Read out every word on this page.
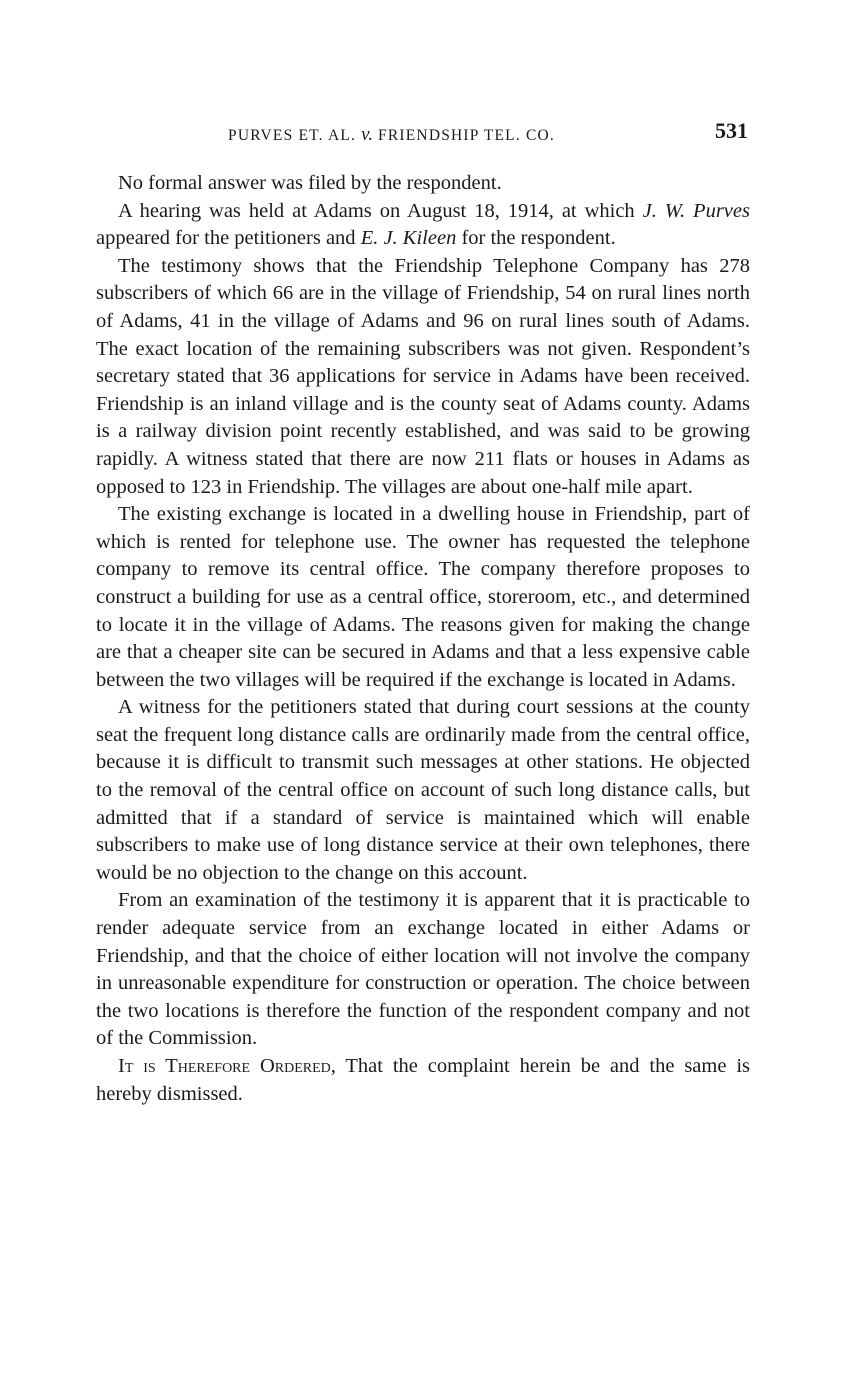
PURVES ET. AL. v. FRIENDSHIP TEL. CO.	531

No formal answer was filed by the respondent.

A hearing was held at Adams on August 18, 1914, at which J. W. Purves appeared for the petitioners and E. J. Kileen for the respondent.

The testimony shows that the Friendship Telephone Company has 278 subscribers of which 66 are in the village of Friendship, 54 on rural lines north of Adams, 41 in the village of Adams and 96 on rural lines south of Adams. The exact location of the remaining subscribers was not given. Respondent’s secretary stated that 36 applications for service in Adams have been received. Friendship is an inland village and is the county seat of Adams county. Adams is a railway division point recently established, and was said to be growing rapidly. A witness stated that there are now 211 flats or houses in Adams as opposed to 123 in Friendship. The villages are about one-half mile apart.

The existing exchange is located in a dwelling house in Friendship, part of which is rented for telephone use. The owner has requested the telephone company to remove its central office. The company therefore proposes to construct a building for use as a central office, storeroom, etc., and determined to locate it in the village of Adams. The reasons given for making the change are that a cheaper site can be secured in Adams and that a less expensive cable between the two villages will be required if the exchange is located in Adams.

A witness for the petitioners stated that during court sessions at the county seat the frequent long distance calls are ordinarily made from the central office, because it is difficult to transmit such messages at other stations. He objected to the removal of the central office on account of such long distance calls, but admitted that if a standard of service is maintained which will enable subscribers to make use of long distance service at their own telephones, there would be no objection to the change on this account.

From an examination of the testimony it is apparent that it is practicable to render adequate service from an exchange located in either Adams or Friendship, and that the choice of either location will not involve the company in unreasonable expenditure for construction or operation. The choice between the two locations is therefore the function of the respondent company and not of the Commission.

It is Therefore Ordered, That the complaint herein be and the same is hereby dismissed.
